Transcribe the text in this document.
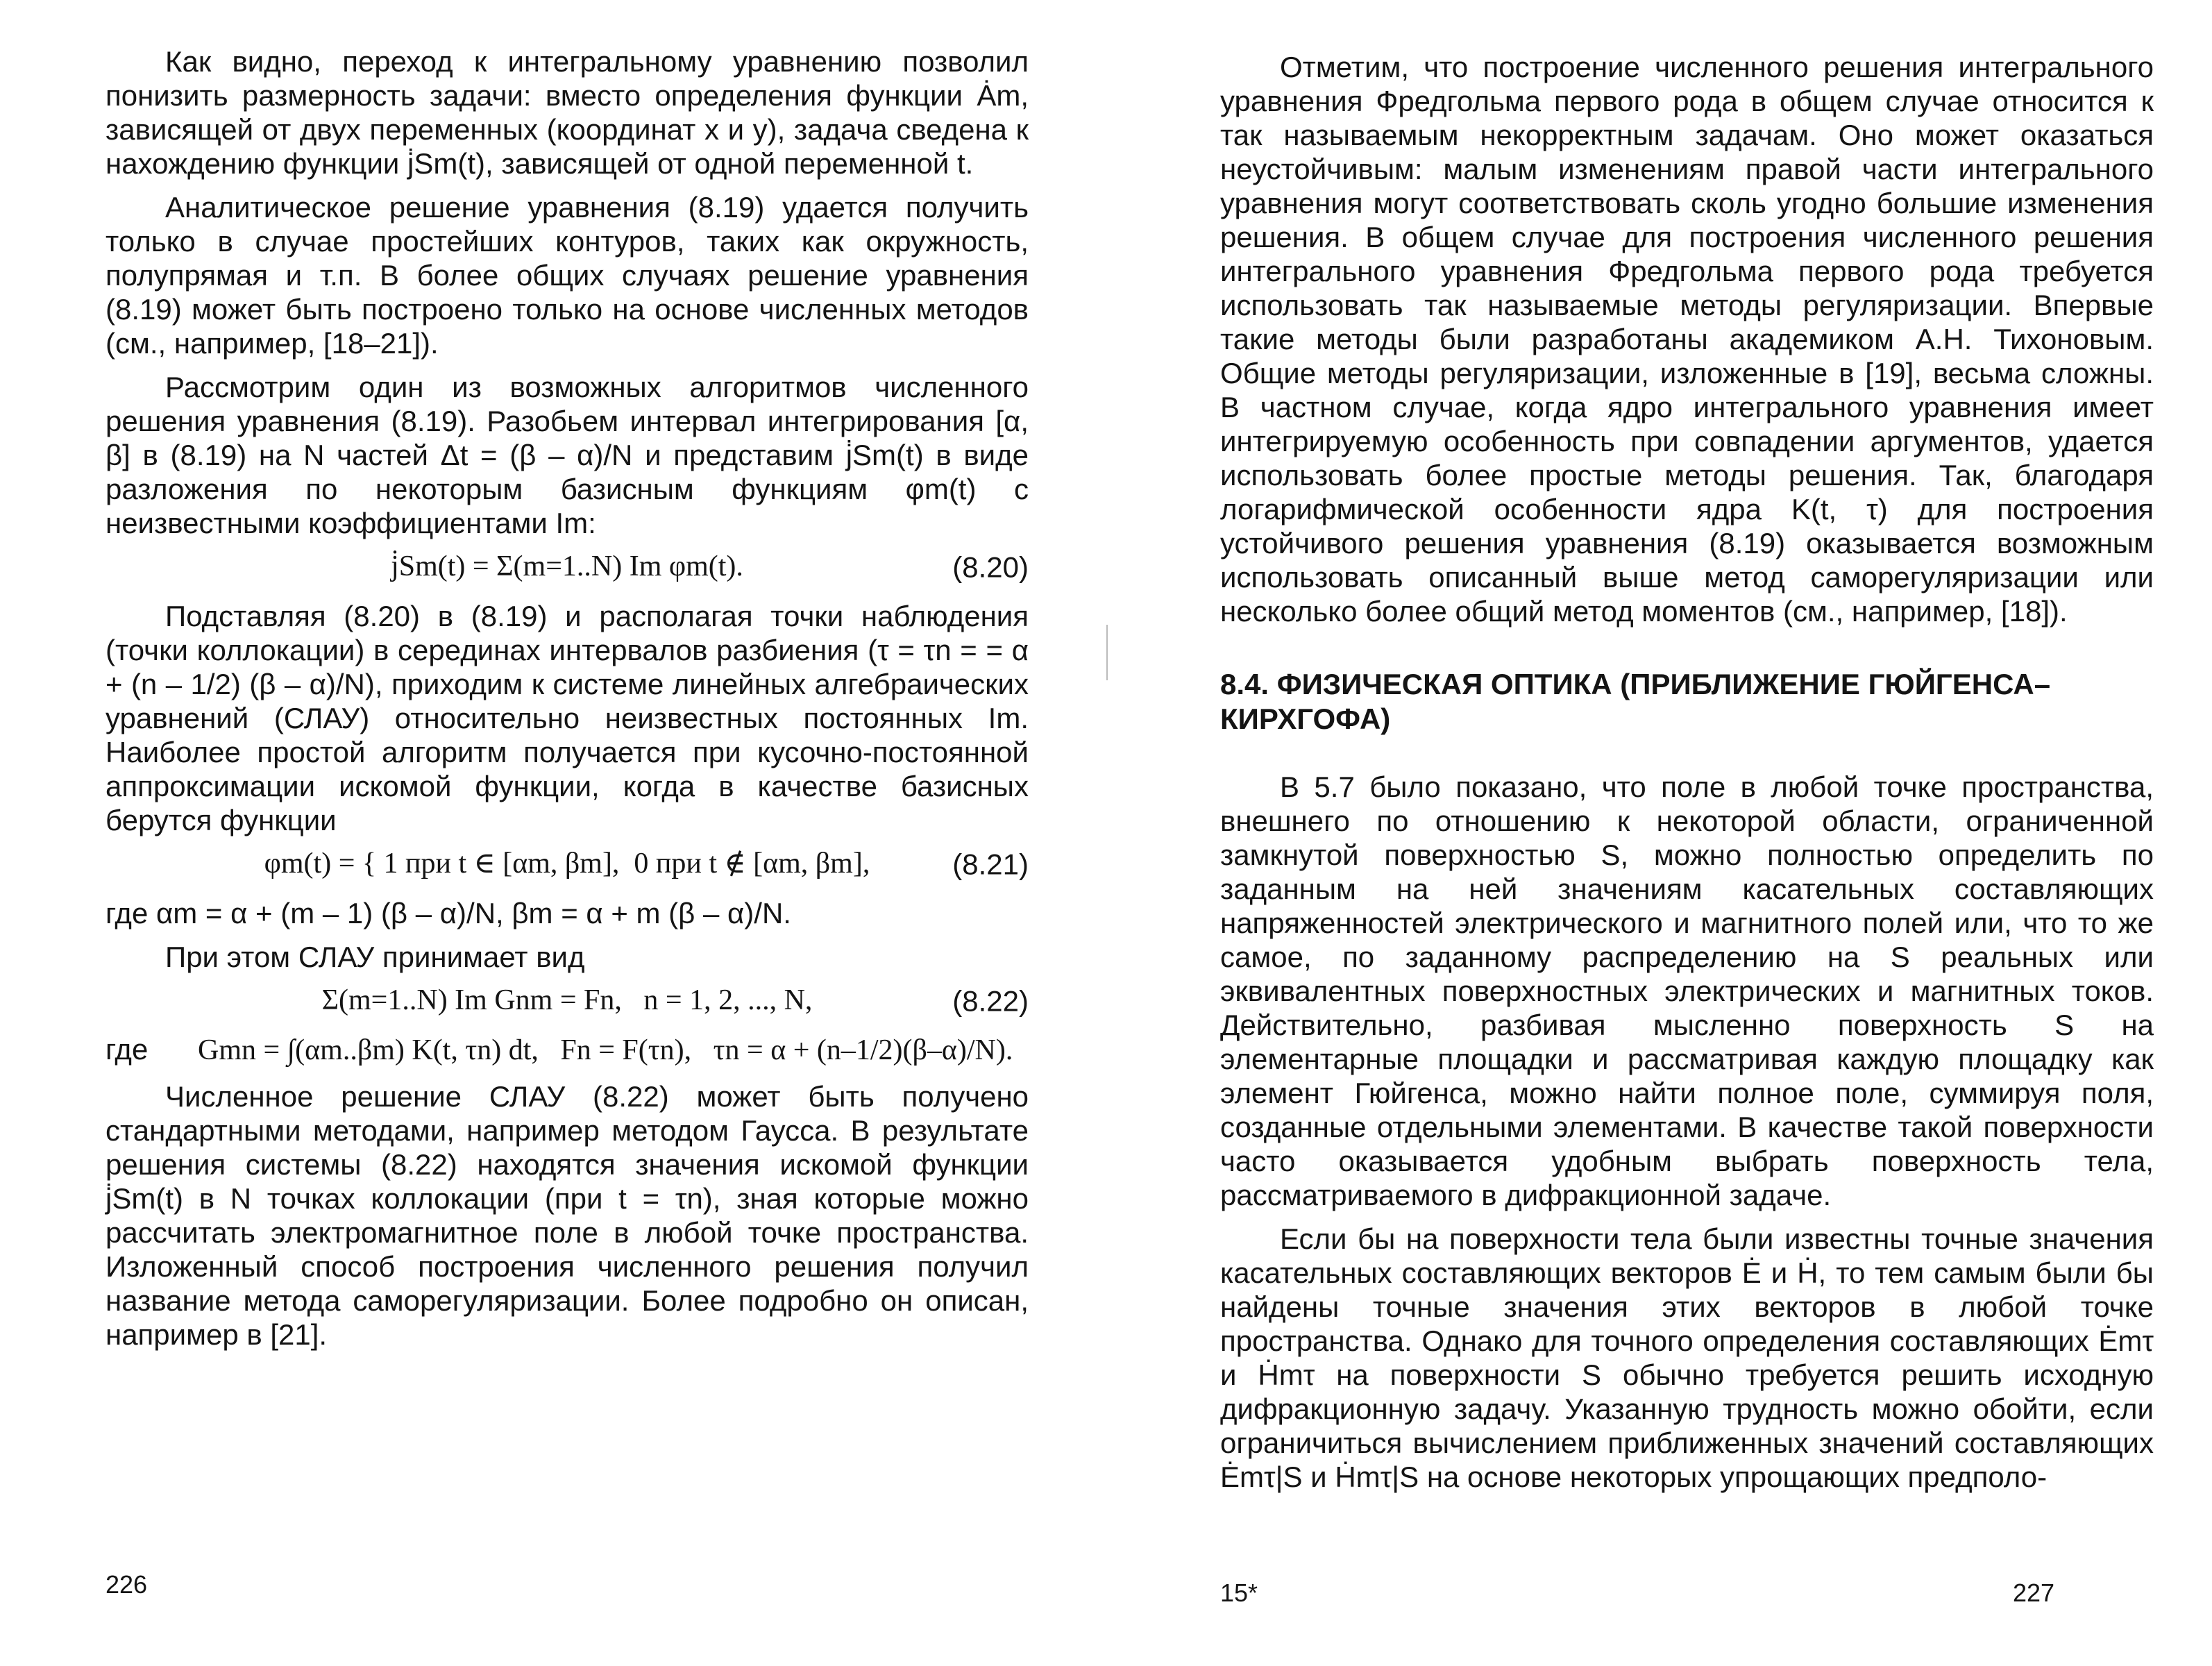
Как видно, переход к интегральному уравнению позволил понизить размерность задачи: вместо определения функции Ȧm, зависящей от двух переменных (координат x и y), задача сведена к нахождению функции j̇Sm(t), зависящей от одной переменной t.

Аналитическое решение уравнения (8.19) удается получить только в случае простейших контуров, таких как окружность, полупрямая и т.п. В более общих случаях решение уравнения (8.19) может быть построено только на основе численных методов (см., например, [18–21]).

Рассмотрим один из возможных алгоритмов численного решения уравнения (8.19). Разобьем интервал интегрирования [α, β] в (8.19) на N частей Δt = (β – α)/N и представим j̇Sm(t) в виде разложения по некоторым базисным функциям φm(t) с неизвестными коэффициентами Im:

j̇Sm(t) = Σ(m=1..N) Im φm(t).	(8.20)

Подставляя (8.20) в (8.19) и располагая точки наблюдения (точки коллокации) в серединах интервалов разбиения (τ = τn = = α + (n – 1/2) (β – α)/N), приходим к системе линейных алгебраических уравнений (СЛАУ) относительно неизвестных постоянных Im. Наиболее простой алгоритм получается при кусочно-постоянной аппроксимации искомой функции, когда в качестве базисных берутся функции

φm(t) = { 1 при t ∈ [αm, βm],  0 при t ∉ [αm, βm],	(8.21)

где αm = α + (m – 1) (β – α)/N, βm = α + m (β – α)/N.

При этом СЛАУ принимает вид

Σ(m=1..N) Im Gnm = Fn,   n = 1, 2, ..., N,	(8.22)
где Gmn = ∫(αm..βm) K(t, τn) dt,   Fn = F(τn),   τn = α + (n–1/2)(β–α)/N).

Численное решение СЛАУ (8.22) может быть получено стандартными методами, например методом Гаусса. В результате решения системы (8.22) находятся значения искомой функции j̇Sm(t) в N точках коллокации (при t = τn), зная которые можно рассчитать электромагнитное поле в любой точке пространства. Изложенный способ построения численного решения получил название метода саморегуляризации. Более подробно он описан, например в [21].

226

Отметим, что построение численного решения интегрального уравнения Фредгольма первого рода в общем случае относится к так называемым некорректным задачам. Оно может оказаться неустойчивым: малым изменениям правой части интегрального уравнения могут соответствовать сколь угодно большие изменения решения. В общем случае для построения численного решения интегрального уравнения Фредгольма первого рода требуется использовать так называемые методы регуляризации. Впервые такие методы были разработаны академиком А.Н. Тихоновым. Общие методы регуляризации, изложенные в [19], весьма сложны. В частном случае, когда ядро интегрального уравнения имеет интегрируемую особенность при совпадении аргументов, удается использовать более простые методы решения. Так, благодаря логарифмической особенности ядра K(t, τ) для построения устойчивого решения уравнения (8.19) оказывается возможным использовать описанный выше метод саморегуляризации или несколько более общий метод моментов (см., например, [18]).

8.4. ФИЗИЧЕСКАЯ ОПТИКА (ПРИБЛИЖЕНИЕ ГЮЙГЕНСА–КИРХГОФА)

В 5.7 было показано, что поле в любой точке пространства, внешнего по отношению к некоторой области, ограниченной замкнутой поверхностью S, можно полностью определить по заданным на ней значениям касательных составляющих напряженностей электрического и магнитного полей или, что то же самое, по заданному распределению на S реальных или эквивалентных поверхностных электрических и магнитных токов. Действительно, разбивая мысленно поверхность S на элементарные площадки и рассматривая каждую площадку как элемент Гюйгенса, можно найти полное поле, суммируя поля, созданные отдельными элементами. В качестве такой поверхности часто оказывается удобным выбрать поверхность тела, рассматриваемого в дифракционной задаче.

Если бы на поверхности тела были известны точные значения касательных составляющих векторов Ė и Ḣ, то тем самым были бы найдены точные значения этих векторов в любой точке пространства. Однако для точного определения составляющих Ėmτ и Ḣmτ на поверхности S обычно требуется решить исходную дифракционную задачу. Указанную трудность можно обойти, если ограничиться вычислением приближенных значений составляющих Ėmτ|S и Ḣmτ|S на основе некоторых упрощающих предполо-

15*	227
